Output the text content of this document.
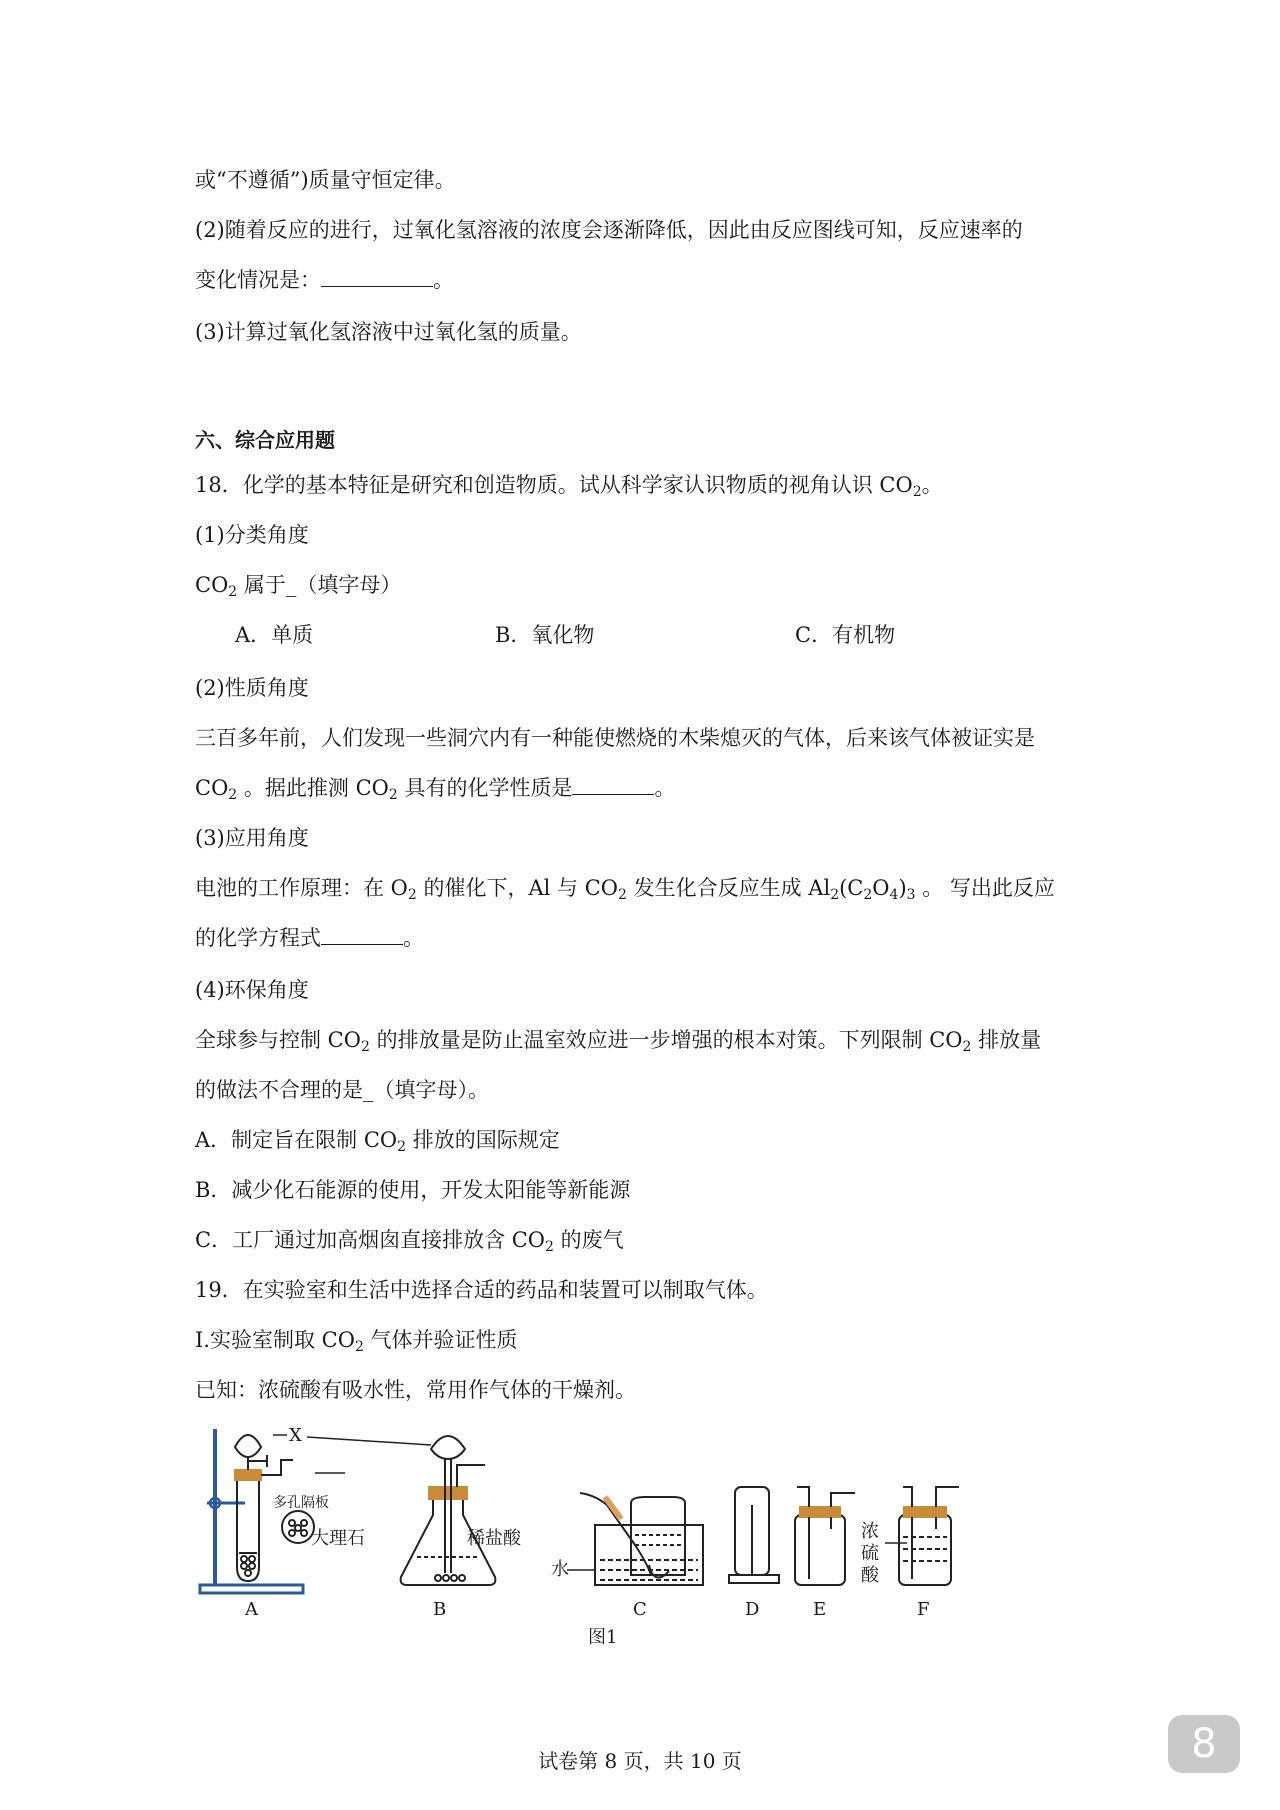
或“不遵循”)质量守恒定律。
(2)随着反应的进行，过氧化氢溶液的浓度会逐渐降低，因此由反应图线可知，反应速率的
变化情况是：	。
(3)计算过氧化氢溶液中过氧化氢的质量。
六、综合应用题
18．化学的基本特征是研究和创造物质。试从科学家认识物质的视角认识 $CO_2$。
(1)分类角度
$CO_2$ 属于_（填字母）
A．单质	B．氧化物	C．有机物
(2)性质角度
三百多年前，人们发现一些洞穴内有一种能使燃烧的木柴熄灭的气体，后来该气体被证实是
$CO_2$ 。据此推测 $CO_2$ 具有的化学性质是	。
(3)应用角度
电池的工作原理：在 $O_2$ 的催化下，Al 与 $CO_2$ 发生化合反应生成 $Al_2(C_2O_4)_3$ 。 写出此反应
的化学方程式	。
(4)环保角度
全球参与控制 $CO_2$ 的排放量是防止温室效应进一步增强的根本对策。下列限制 $CO_2$ 排放量
的做法不合理的是_（填字母）。
A．制定旨在限制 $CO_2$ 排放的国际规定
B．减少化石能源的使用，开发太阳能等新能源
C．工厂通过加高烟囱直接排放含 $CO_2$ 的废气
19．在实验室和生活中选择合适的药品和装置可以制取气体。
I.实验室制取 $CO_2$ 气体并验证性质
已知：浓硫酸有吸水性，常用作气体的干燥剂。
X
多孔隔板
大理石	稀盐酸
水
浓
硫
酸
A	B	C	D	E	F
图1
试卷第 8 页，共 10 页	8
